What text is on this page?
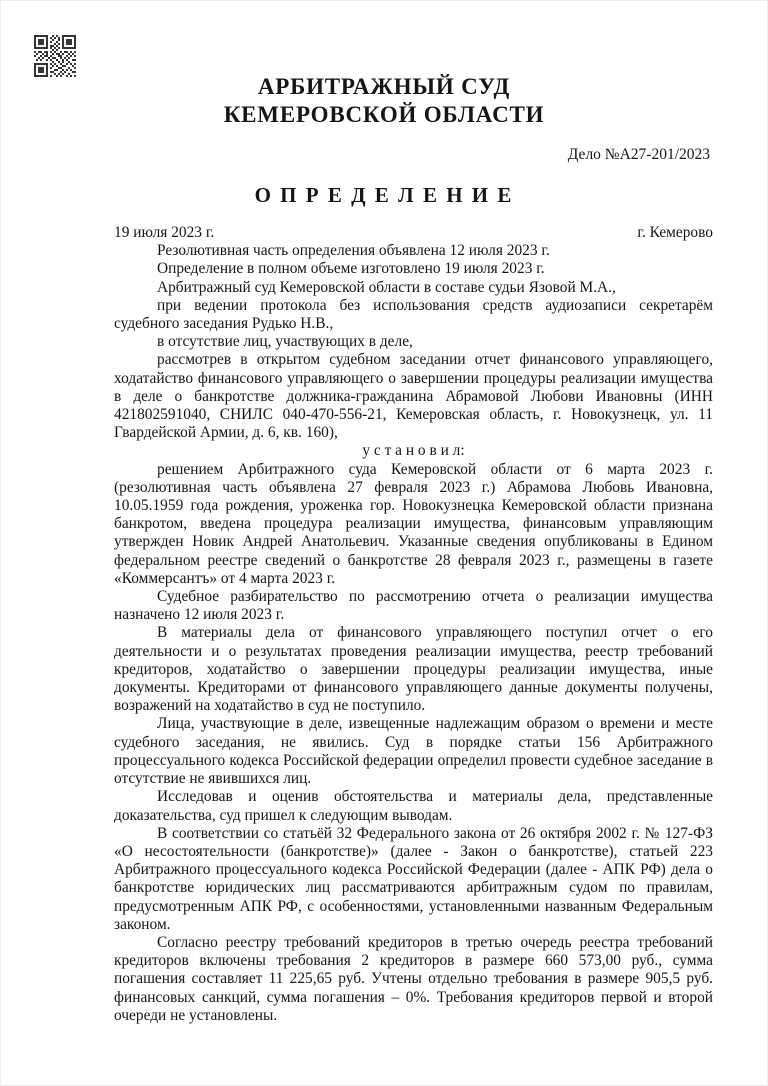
АРБИТРАЖНЫЙ СУД
КЕМЕРОВСКОЙ ОБЛАСТИ
Дело №А27-201/2023
О П Р Е Д Е Л Е Н И Е
19 июля 2023 г.	г. Кемерово

Резолютивная часть определения объявлена 12 июля 2023 г.

Определение в полном объеме изготовлено 19 июля 2023 г.

Арбитражный суд Кемеровской области в составе судьи Язовой М.А.,

при ведении протокола без использования средств аудиозаписи секретарём судебного заседания Рудько Н.В.,

в отсутствие лиц, участвующих в деле,

рассмотрев в открытом судебном заседании отчет финансового управляющего, ходатайство финансового управляющего о завершении процедуры реализации имущества в деле о банкротстве должника-гражданина Абрамовой Любови Ивановны (ИНН 421802591040, СНИЛС 040-470-556-21, Кемеровская область, г. Новокузнецк, ул. 11 Гвардейской Армии, д. 6, кв. 160),

у с т а н о в и л:

решением Арбитражного суда Кемеровской области от 6 марта 2023 г. (резолютивная часть объявлена 27 февраля 2023 г.) Абрамова Любовь Ивановна, 10.05.1959 года рождения, уроженка гор. Новокузнецка Кемеровской области признана банкротом, введена процедура реализации имущества, финансовым управляющим утвержден Новик Андрей Анатольевич. Указанные сведения опубликованы в Едином федеральном реестре сведений о банкротстве 28 февраля 2023 г., размещены в газете «Коммерсантъ» от 4 марта 2023 г.

Судебное разбирательство по рассмотрению отчета о реализации имущества назначено 12 июля 2023 г.

В материалы дела от финансового управляющего поступил отчет о его деятельности и о результатах проведения реализации имущества, реестр требований кредиторов, ходатайство о завершении процедуры реализации имущества, иные документы. Кредиторами от финансового управляющего данные документы получены, возражений на ходатайство в суд не поступило.

Лица, участвующие в деле, извещенные надлежащим образом о времени и месте судебного заседания, не явились. Суд в порядке статьи 156 Арбитражного процессуального кодекса Российской федерации определил провести судебное заседание в отсутствие не явившихся лиц.

Исследовав и оценив обстоятельства и материалы дела, представленные доказательства, суд пришел к следующим выводам.

В соответствии со статьёй 32 Федерального закона от 26 октября 2002 г. № 127-ФЗ «О несостоятельности (банкротстве)» (далее - Закон о банкротстве), статьей 223 Арбитражного процессуального кодекса Российской Федерации (далее - АПК РФ) дела о банкротстве юридических лиц рассматриваются арбитражным судом по правилам, предусмотренным АПК РФ, с особенностями, установленными названным Федеральным законом.

Согласно реестру требований кредиторов в третью очередь реестра требований кредиторов включены требования 2 кредиторов в размере 660 573,00 руб., сумма погашения составляет 11 225,65 руб. Учтены отдельно требования в размере 905,5 руб. финансовых санкций, сумма погашения – 0%. Требования кредиторов первой и второй очереди не установлены.
